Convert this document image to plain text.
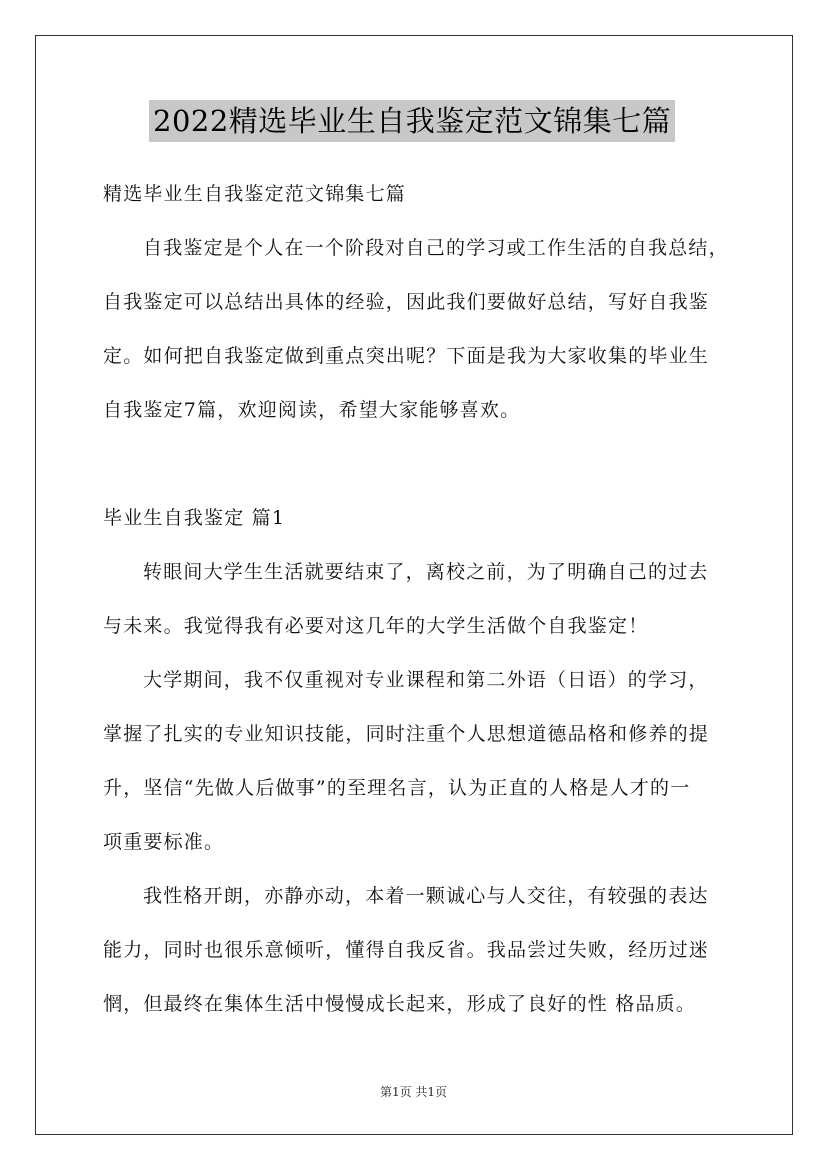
2022精选毕业生自我鉴定范文锦集七篇
精选毕业生自我鉴定范文锦集七篇
自我鉴定是个人在一个阶段对自己的学习或工作生活的自我总结，
自我鉴定可以总结出具体的经验，因此我们要做好总结，写好自我鉴
定。如何把自我鉴定做到重点突出呢？下面是我为大家收集的毕业生
自我鉴定7篇，欢迎阅读，希望大家能够喜欢。
毕业生自我鉴定 篇1
转眼间大学生生活就要结束了，离校之前，为了明确自己的过去
与未来。我觉得我有必要对这几年的大学生活做个自我鉴定！
大学期间，我不仅重视对专业课程和第二外语（日语）的学习，
掌握了扎实的专业知识技能，同时注重个人思想道德品格和修养的提
升，坚信“先做人后做事”的至理名言，认为正直的人格是人才的一
项重要标准。
我性格开朗，亦静亦动，本着一颗诚心与人交往，有较强的表达
能力，同时也很乐意倾听，懂得自我反省。我品尝过失败，经历过迷
惘，但最终在集体生活中慢慢成长起来，形成了良好的性 格品质。
第1页 共1页
